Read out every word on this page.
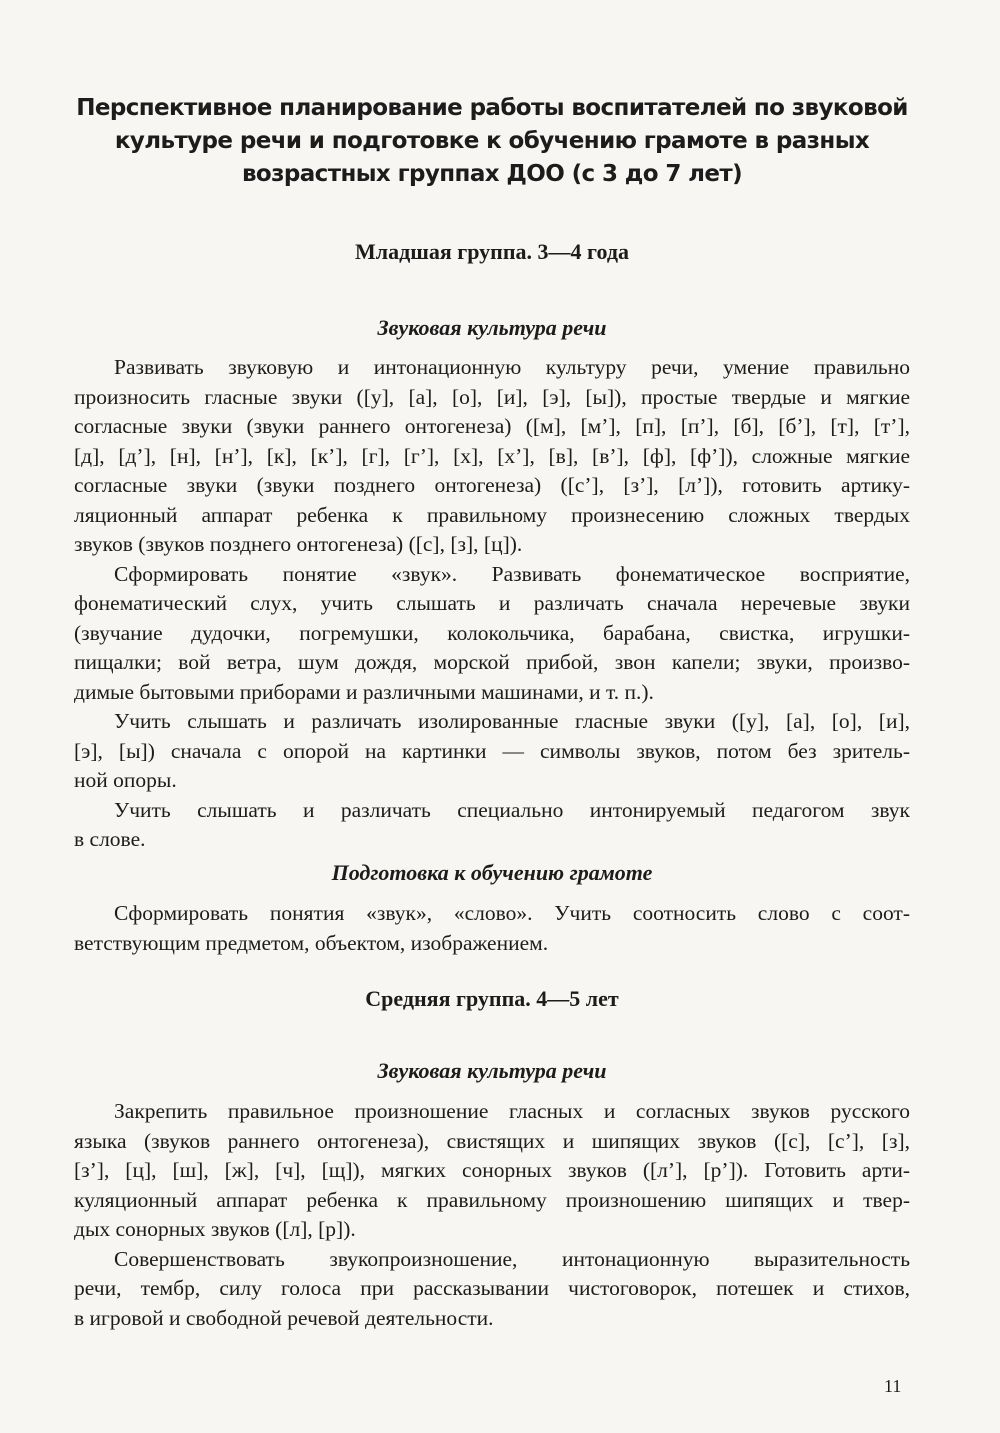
Перспективное планирование работы воспитателей по звуковой
культуре речи и подготовке к обучению грамоте в разных
возрастных группах ДОО (с 3 до 7 лет)
Младшая группа. 3—4 года
Звуковая культура речи

Развивать звуковую и интонационную культуру речи, умение правильно
произносить гласные звуки ([у], [а], [о], [и], [э], [ы]), простые твердые и мягкие
согласные звуки (звуки раннего онтогенеза) ([м], [м’], [п], [п’], [б], [б’], [т], [т’],
[д], [д’], [н], [н’], [к], [к’], [г], [г’], [х], [х’], [в], [в’], [ф], [ф’]), сложные мягкие
согласные звуки (звуки позднего онтогенеза) ([с’], [з’], [л’]), готовить артику-
ляционный аппарат ребенка к правильному произнесению сложных твердых
звуков (звуков позднего онтогенеза) ([с], [з], [ц]).

Сформировать понятие «звук». Развивать фонематическое восприятие,
фонематический слух, учить слышать и различать сначала неречевые звуки
(звучание дудочки, погремушки, колокольчика, барабана, свистка, игрушки-
пищалки; вой ветра, шум дождя, морской прибой, звон капели; звуки, произво-
димые бытовыми приборами и различными машинами, и т. п.).

Учить слышать и различать изолированные гласные звуки ([у], [а], [о], [и],
[э], [ы]) сначала с опорой на картинки — символы звуков, потом без зритель-
ной опоры.

Учить слышать и различать специально интонируемый педагогом звук
в слове.

Подготовка к обучению грамоте

Сформировать понятия «звук», «слово». Учить соотносить слово с соот-
ветствующим предметом, объектом, изображением.

Средняя группа. 4—5 лет
Звуковая культура речи

Закрепить правильное произношение гласных и согласных звуков русского
языка (звуков раннего онтогенеза), свистящих и шипящих звуков ([с], [с’], [з],
[з’], [ц], [ш], [ж], [ч], [щ]), мягких сонорных звуков ([л’], [р’]). Готовить арти-
куляционный аппарат ребенка к правильному произношению шипящих и твер-
дых сонорных звуков ([л], [р]).

Совершенствовать звукопроизношение, интонационную выразительность
речи, тембр, силу голоса при рассказывании чистоговорок, потешек и стихов,
в игровой и свободной речевой деятельности.

11
